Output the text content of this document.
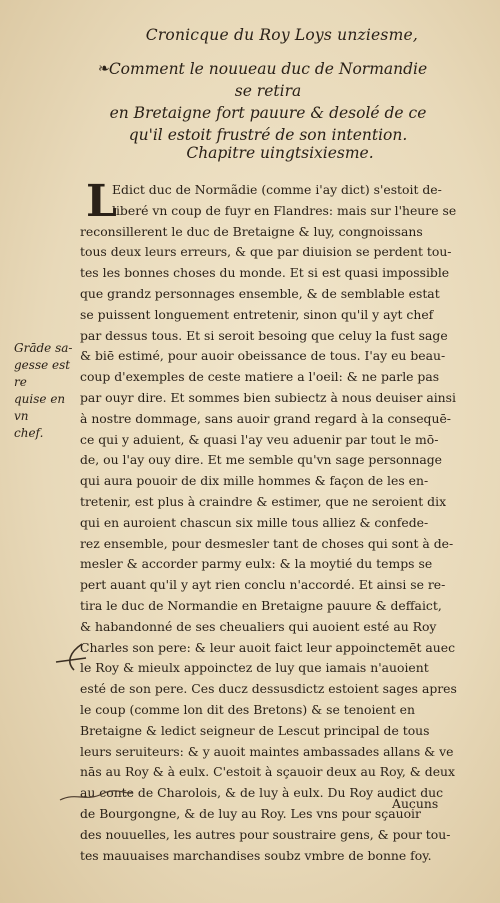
Cronicque du Roy Loys unziesme,
❧ Comment le nouueau duc de Normandie se retira
en Bretaigne fort pauure & desolé de ce
qu'il estoit frustré de son intention.
Chapitre uingtsixiesme.
L
Edict duc de Normãdie (comme i'ay dict) s'estoit de-
liberé vn coup de fuyr en Flandres: mais sur l'heure se
reconsillerent le duc de Bretaigne & luy, congnoissans
tous deux leurs erreurs, & que par diuision se perdent tou-
tes les bonnes choses du monde. Et si est quasi impossible
que grandz personnages ensemble, & de semblable estat
se puissent longuement entretenir, sinon qu'il y ayt chef
par dessus tous. Et si seroit besoing que celuy la fust sage
& biē estimé, pour auoir obeissance de tous. I'ay eu beau-
coup d'exemples de ceste matiere a l'oeil: & ne parle pas
par ouyr dire. Et sommes bien subiectz à nous deuiser ainsi
à nostre dommage, sans auoir grand regard à la consequē-
ce qui y aduient, & quasi l'ay veu aduenir par tout le mō-
de, ou l'ay ouy dire. Et me semble qu'vn sage personnage
qui aura pouoir de dix mille hommes & façon de les en-
tretenir, est plus à craindre & estimer, que ne seroient dix
qui en auroient chascun six mille tous alliez & confede-
rez ensemble, pour desmesler tant de choses qui sont à de-
mesler & accorder parmy eulx: & la moytié du temps se
pert auant qu'il y ayt rien conclu n'accordé. Et ainsi se re-
tira le duc de Normandie en Bretaigne pauure & deffaict,
& habandonné de ses cheualiers qui auoient esté au Roy
Charles son pere: & leur auoit faict leur appoinctemēt auec
le Roy & mieulx appoinctez de luy que iamais n'auoient
esté de son pere. Ces ducz dessusdictz estoient sages apres
le coup (comme lon dit des Bretons) & se tenoient en
Bretaigne & ledict seigneur de Lescut principal de tous
leurs seruiteurs: & y auoit maintes ambassades allans & ve
nās au Roy & à eulx. C'estoit à sçauoir deux au Roy, & deux
au conte de Charolois, & de luy à eulx. Du Roy audict duc
de Bourgongne, & de luy au Roy. Les vns pour sçauoir
des nouuelles, les autres pour soustraire gens, & pour tou-
tes mauuaises marchandises soubz vmbre de bonne foy.
Grāde sa-
gesse est re
quise en vn
chef.
Aucuns
